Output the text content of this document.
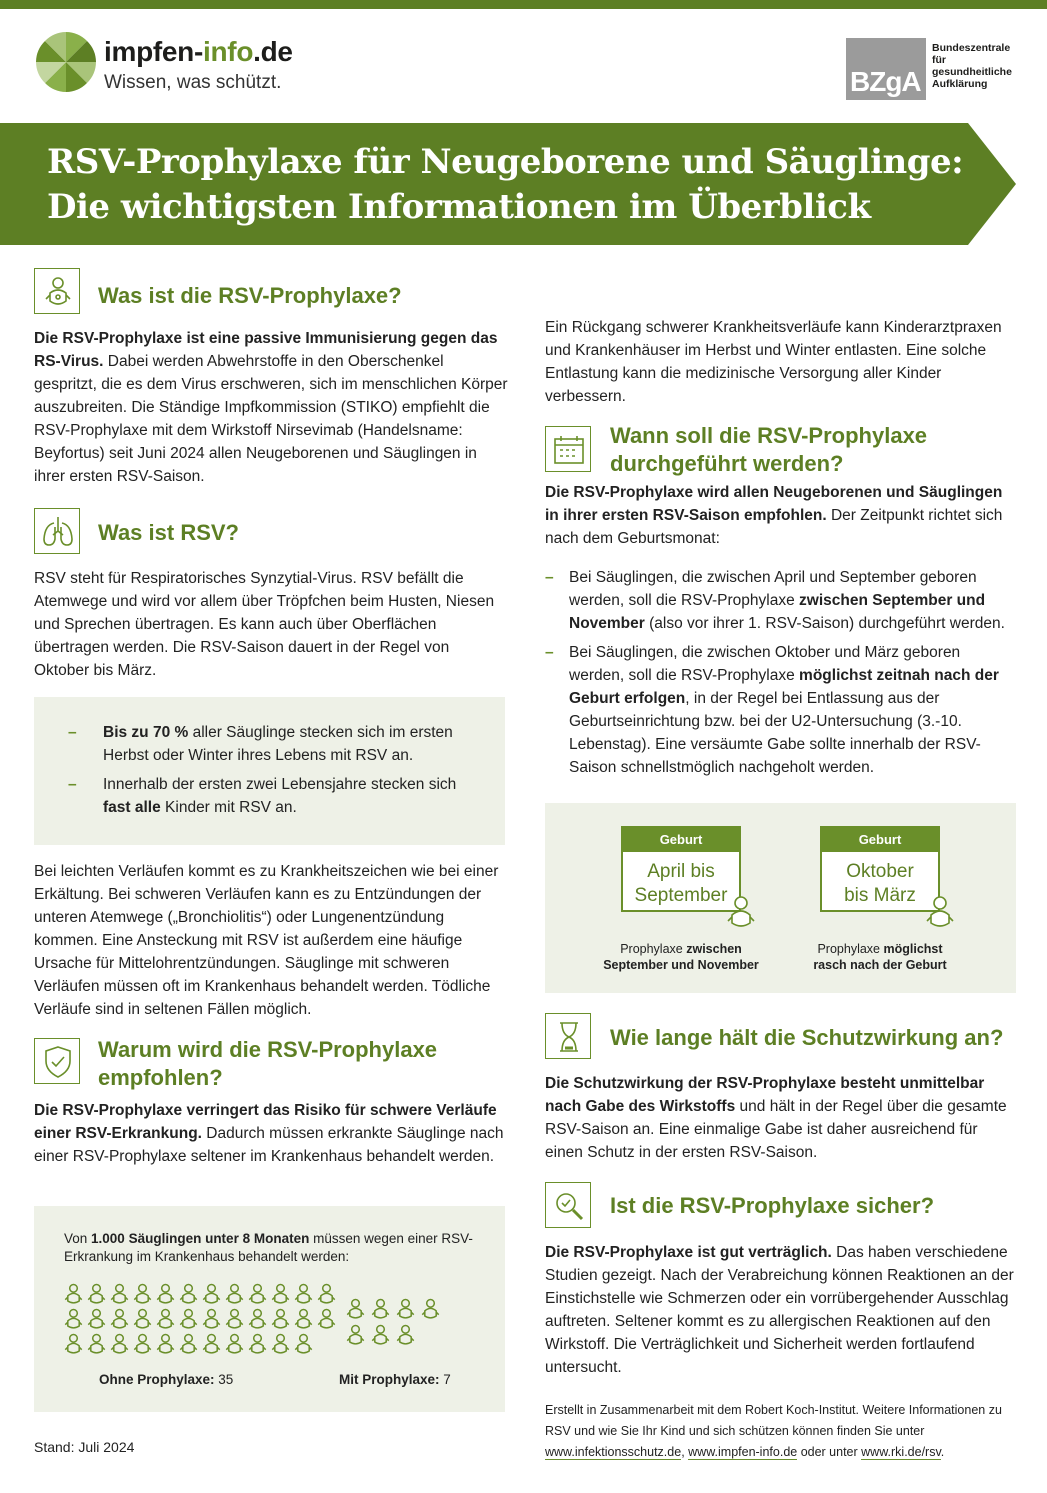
impfen-info.de
Wissen, was schützt.	BZgA
Bundeszentrale
für
gesundheitliche
Aufklärung
RSV-Prophylaxe für Neugeborene und Säuglinge:
Die wichtigsten Informationen im Überblick
Was ist die RSV-Prophylaxe?
Die RSV-Prophylaxe ist eine passive Immunisierung gegen das RS-Virus. Dabei werden Abwehrstoffe in den Oberschenkel gespritzt, die es dem Virus erschweren, sich im menschlichen Körper auszubreiten. Die Ständige Impfkommission (STIKO) empfiehlt die RSV-Prophylaxe mit dem Wirkstoff Nirsevimab (Handelsname: Beyfortus) seit Juni 2024 allen Neugeborenen und Säuglingen in ihrer ersten RSV-Saison.
Was ist RSV?
RSV steht für Respiratorisches Synzytial-Virus. RSV befällt die Atemwege und wird vor allem über Tröpfchen beim Husten, Niesen und Sprechen übertragen. Es kann auch über Oberflächen übertragen werden. Die RSV-Saison dauert in der Regel von Oktober bis März.
– Bis zu 70 % aller Säuglinge stecken sich im ersten Herbst oder Winter ihres Lebens mit RSV an.
– Innerhalb der ersten zwei Lebensjahre stecken sich fast alle Kinder mit RSV an.
Bei leichten Verläufen kommt es zu Krankheitszeichen wie bei einer Erkältung. Bei schweren Verläufen kann es zu Entzündungen der unteren Atemwege („Bronchiolitis“) oder Lungenentzündung kommen. Eine Ansteckung mit RSV ist außerdem eine häufige Ursache für Mittelohrentzündungen. Säuglinge mit schweren Verläufen müssen oft im Krankenhaus behandelt werden. Tödliche Verläufe sind in seltenen Fällen möglich.
Warum wird die RSV-Prophylaxe empfohlen?
Die RSV-Prophylaxe verringert das Risiko für schwere Verläufe einer RSV-Erkrankung. Dadurch müssen erkrankte Säuglinge nach einer RSV-Prophylaxe seltener im Krankenhaus behandelt werden.
Von 1.000 Säuglingen unter 8 Monaten müssen wegen einer RSV-Erkrankung im Krankenhaus behandelt werden:
Ohne Prophylaxe: 35	Mit Prophylaxe: 7
Stand: Juli 2024
Ein Rückgang schwerer Krankheitsverläufe kann Kinderarztpraxen und Krankenhäuser im Herbst und Winter entlasten. Eine solche Entlastung kann die medizinische Versorgung aller Kinder verbessern.
Wann soll die RSV-Prophylaxe durchgeführt werden?
Die RSV-Prophylaxe wird allen Neugeborenen und Säuglingen in ihrer ersten RSV-Saison empfohlen. Der Zeitpunkt richtet sich nach dem Geburtsmonat:
– Bei Säuglingen, die zwischen April und September geboren werden, soll die RSV-Prophylaxe zwischen September und November (also vor ihrer 1. RSV-Saison) durchgeführt werden.
– Bei Säuglingen, die zwischen Oktober und März geboren werden, soll die RSV-Prophylaxe möglichst zeitnah nach der Geburt erfolgen, in der Regel bei Entlassung aus der Geburtseinrichtung bzw. bei der U2-Untersuchung (3.-10. Lebenstag). Eine versäumte Gabe sollte innerhalb der RSV-Saison schnellstmöglich nachgeholt werden.
Geburt
April bis
September
Geburt
Oktober
bis März
Prophylaxe zwischen
September und November
Prophylaxe möglichst
rasch nach der Geburt
Wie lange hält die Schutzwirkung an?
Die Schutzwirkung der RSV-Prophylaxe besteht unmittelbar nach Gabe des Wirkstoffs und hält in der Regel über die gesamte RSV-Saison an. Eine einmalige Gabe ist daher ausreichend für einen Schutz in der ersten RSV-Saison.
Ist die RSV-Prophylaxe sicher?
Die RSV-Prophylaxe ist gut verträglich. Das haben verschiedene Studien gezeigt. Nach der Verabreichung können Reaktionen an der Einstichstelle wie Schmerzen oder ein vorrübergehender Ausschlag auftreten. Seltener kommt es zu allergischen Reaktionen auf den Wirkstoff. Die Verträglichkeit und Sicherheit werden fortlaufend untersucht.
Erstellt in Zusammenarbeit mit dem Robert Koch-Institut. Weitere Informationen zu RSV und wie Sie Ihr Kind und sich schützen können finden Sie unter
www.infektionsschutz.de, www.impfen-info.de oder unter www.rki.de/rsv.
